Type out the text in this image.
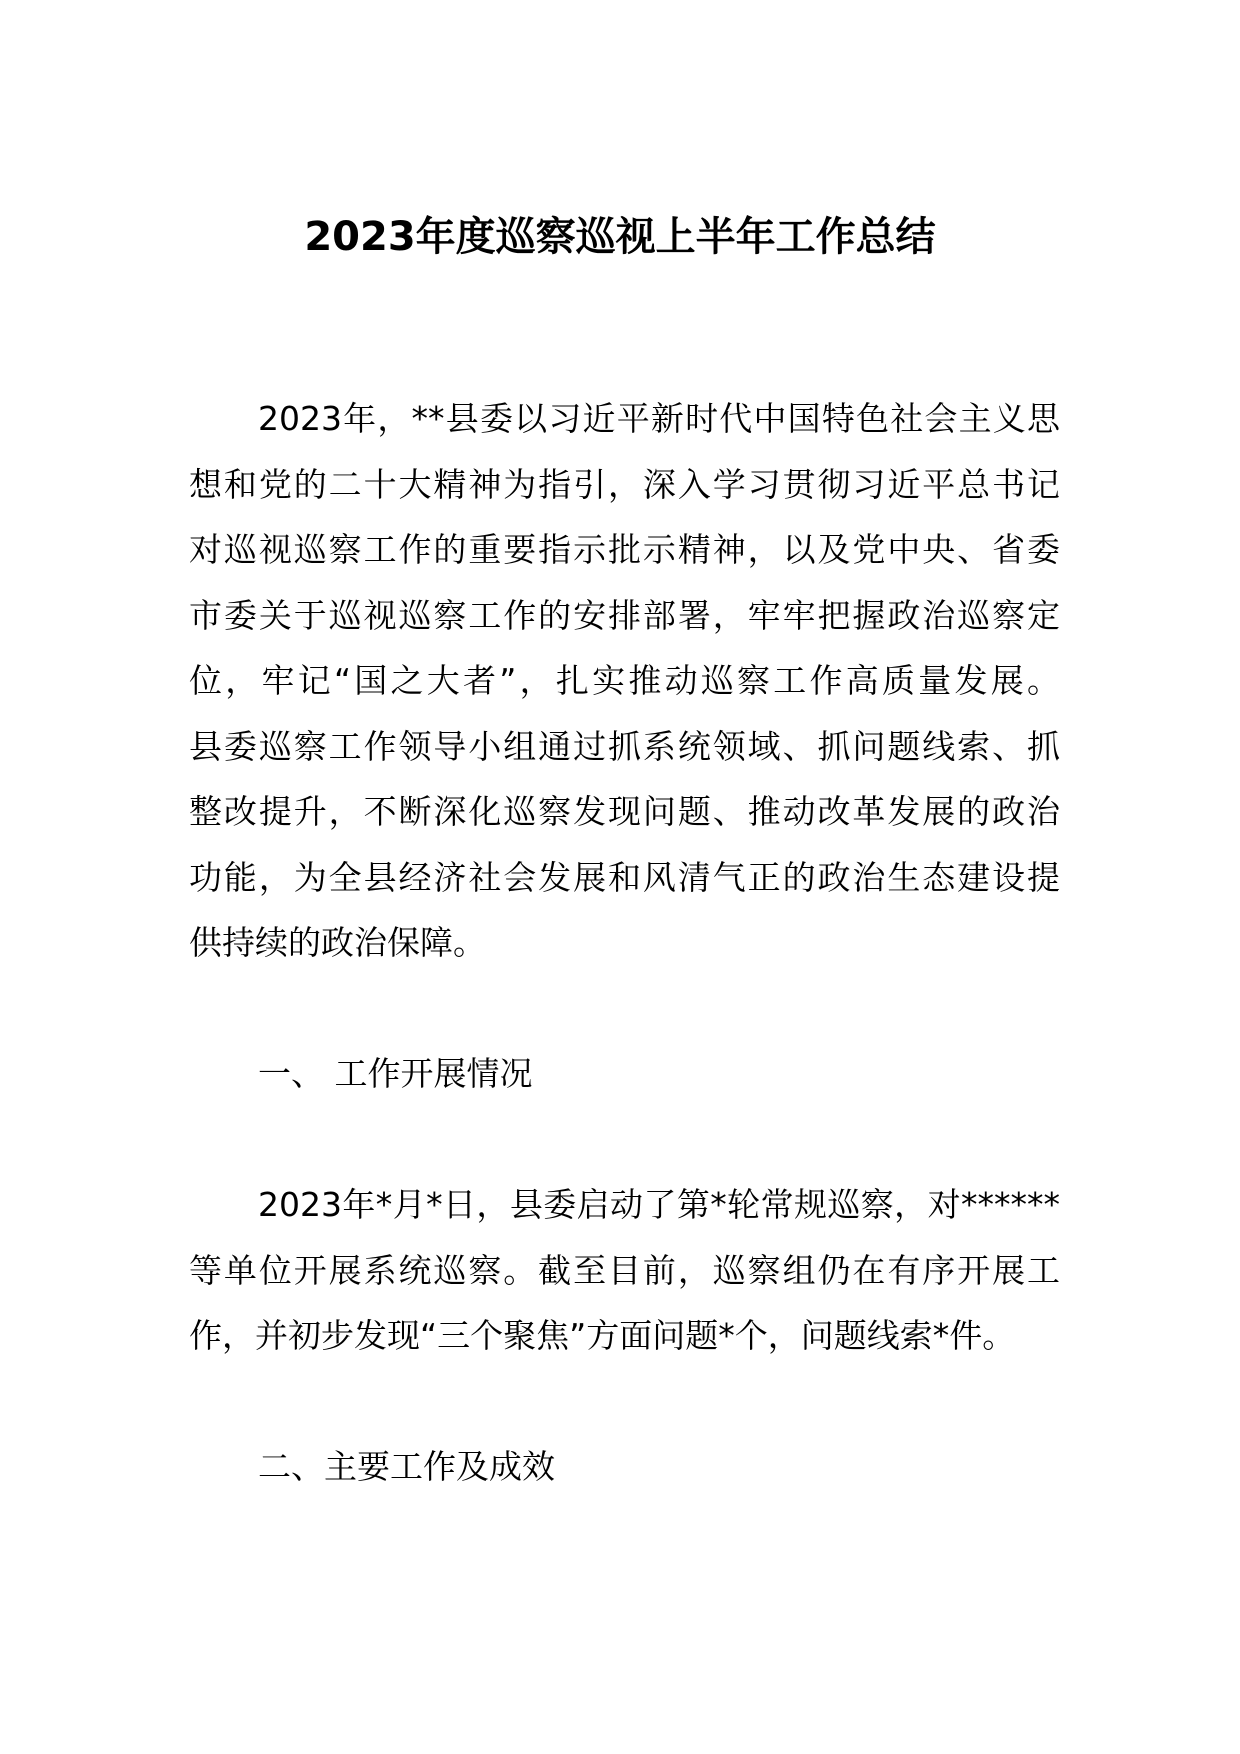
2023年度巡察巡视上半年工作总结
2023年，**县委以习近平新时代中国特色社会主义思
想和党的二十大精神为指引，深入学习贯彻习近平总书记
对巡视巡察工作的重要指示批示精神，以及党中央、省委
市委关于巡视巡察工作的安排部署，牢牢把握政治巡察定
位，牢记“国之大者”，扎实推动巡察工作高质量发展。
县委巡察工作领导小组通过抓系统领域、抓问题线索、抓
整改提升，不断深化巡察发现问题、推动改革发展的政治
功能，为全县经济社会发展和风清气正的政治生态建设提
供持续的政治保障。
一、 工作开展情况
2023年*月*日，县委启动了第*轮常规巡察，对******
等单位开展系统巡察。截至目前，巡察组仍在有序开展工
作，并初步发现“三个聚焦”方面问题*个，问题线索*件。
二、主要工作及成效
